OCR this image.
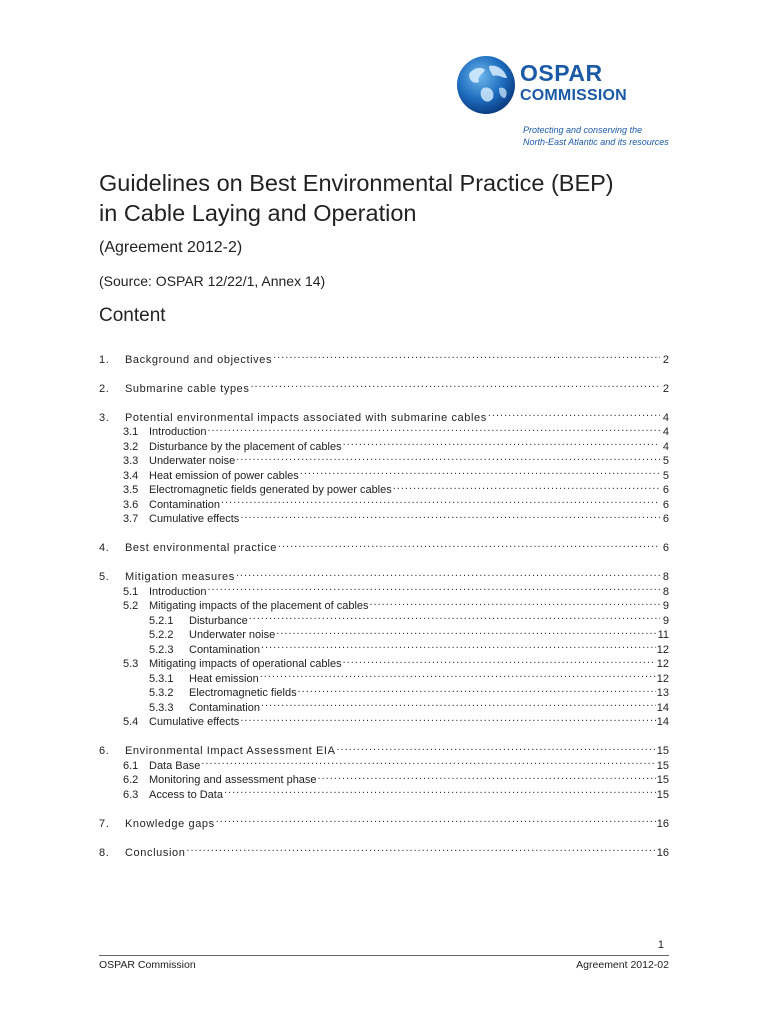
OSPAR
COMMISSION
Protecting and conserving the
North-East Atlantic and its resources
Guidelines on Best Environmental Practice (BEP)
in Cable Laying and Operation
(Agreement 2012-2)
(Source: OSPAR 12/22/1, Annex 14)
Content
1.	Background and objectives .....	2
2.	Submarine cable types .....	2
3.	Potential environmental impacts associated with submarine cables .....	4
3.1 Introduction .....	4
3.2 Disturbance by the placement of cables .....	4
3.3 Underwater noise .....	5
3.4 Heat emission of power cables .....	5
3.5 Electromagnetic fields generated by power cables .....	6
3.6 Contamination .....	6
3.7 Cumulative effects .....	6
4.	Best environmental practice .....	6
5.	Mitigation measures .....	8
5.1 Introduction .....	8
5.2 Mitigating impacts of the placement of cables .....	9
5.2.1	Disturbance .....	9
5.2.2	Underwater noise .....	11
5.2.3	Contamination .....	12
5.3 Mitigating impacts of operational cables .....	12
5.3.1	Heat emission .....	12
5.3.2	Electromagnetic fields .....	13
5.3.3	Contamination .....	14
5.4 Cumulative effects .....	14
6.	Environmental Impact Assessment EIA .....	15
6.1 Data Base .....	15
6.2 Monitoring and assessment phase .....	15
6.3 Access to Data .....	15
7.	Knowledge gaps .....	16
8.	Conclusion .....	16
1
OSPAR Commission	Agreement 2012-02
